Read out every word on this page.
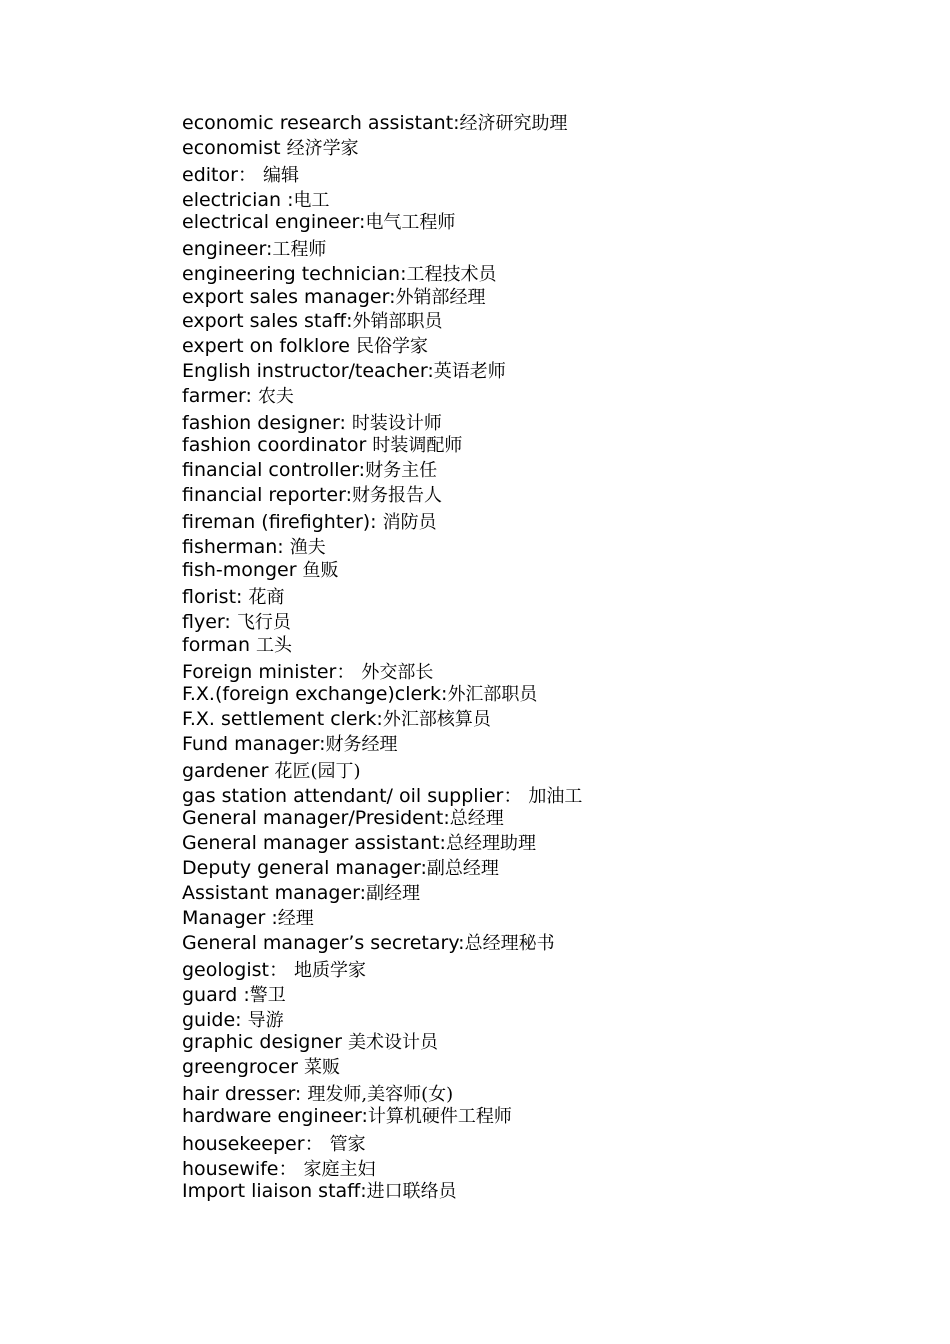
economic research assistant:经济研究助理
economist 经济学家
editor： 编辑
electrician :电工
electrical engineer:电气工程师
engineer:工程师
engineering technician:工程技术员
export sales manager:外销部经理
export sales staff:外销部职员
expert on folklore 民俗学家
English instructor/teacher:英语老师
farmer: 农夫
fashion designer: 时装设计师
fashion coordinator 时装调配师
financial controller:财务主任
financial reporter:财务报告人
fireman (firefighter): 消防员
fisherman: 渔夫
fish-monger 鱼贩
florist: 花商
flyer: 飞行员
forman 工头
Foreign minister： 外交部长
F.X.(foreign exchange)clerk:外汇部职员
F.X. settlement clerk:外汇部核算员
Fund manager:财务经理
gardener 花匠(园丁)
gas station attendant/ oil supplier： 加油工
General manager/President:总经理
General manager assistant:总经理助理
Deputy general manager:副总经理
Assistant manager:副经理
Manager :经理
General manager’s secretary:总经理秘书
geologist： 地质学家
guard :警卫
guide: 导游
graphic designer 美术设计员
greengrocer 菜贩
hair dresser: 理发师,美容师(女)
hardware engineer:计算机硬件工程师
housekeeper： 管家
housewife： 家庭主妇
Import liaison staff:进口联络员
